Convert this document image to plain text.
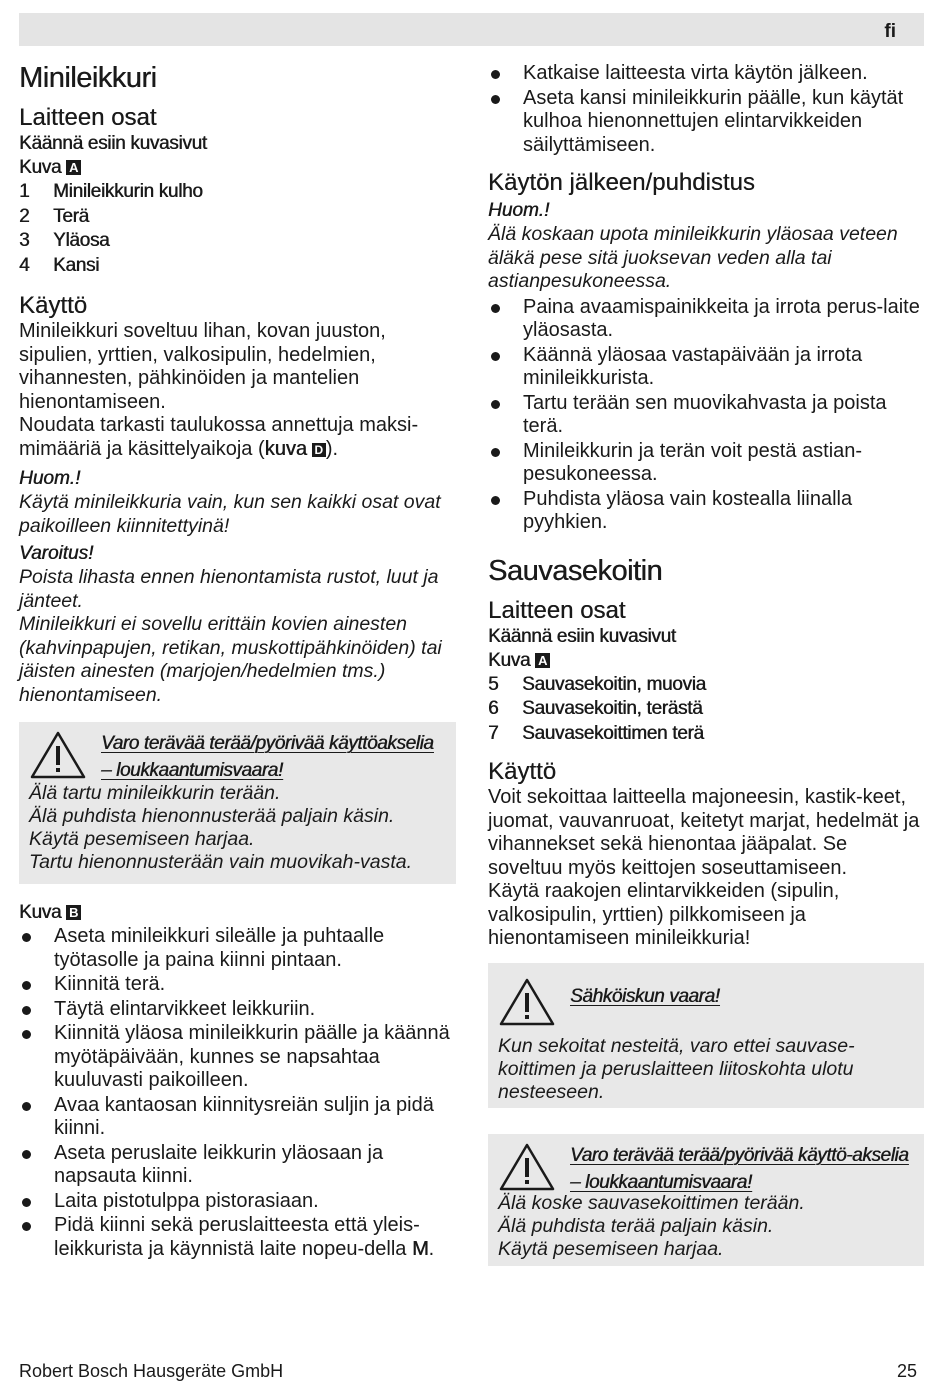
fi
Minileikkuri
Laitteen osat
Käännä esiin kuvasivut
Kuva A
1	Minileikkurin kulho
2	Terä
3	Yläosa
4	Kansi
Käyttö
Minileikkuri soveltuu lihan, kovan juuston, sipulien, yrttien, valkosipulin, hedelmien, vihannesten, pähkinöiden ja mantelien hienontamiseen.
Noudata tarkasti taulukossa annettuja maksi-mimääriä ja käsittelyaikoja (kuva D ).
Huom.!
Käytä minileikkuria vain, kun sen kaikki osat ovat paikoilleen kiinnitettyinä!
Varoitus!
Poista lihasta ennen hienontamista rustot, luut ja jänteet.
Minileikkuri ei sovellu erittäin kovien ainesten (kahvinpapujen, retikan, muskottipähkinöiden) tai jäisten ainesten (marjojen/hedelmien tms.) hienontamiseen.
Varo terävää terää/pyörivää käyttöakselia – loukkaantumisvaara!
Älä tartu minileikkurin terään.
Älä puhdista hienonnusterää paljain käsin. Käytä pesemiseen harjaa.
Tartu hienonnusterään vain muovikah-vasta.
Kuva B
Aseta minileikkuri sileälle ja puhtaalle työtasolle ja paina kiinni pintaan.
Kiinnitä terä.
Täytä elintarvikkeet leikkuriin.
Kiinnitä yläosa minileikkurin päälle ja käännä myötäpäivään, kunnes se napsahtaa kuuluvasti paikoilleen.
Avaa kantaosan kiinnitysreiän suljin ja pidä kiinni.
Aseta peruslaite leikkurin yläosaan ja napsauta kiinni.
Laita pistotulppa pistorasiaan.
Pidä kiinni sekä peruslaitteesta että yleis-leikkurista ja käynnistä laite nopeu-della M.
Katkaise laitteesta virta käytön jälkeen.
Aseta kansi minileikkurin päälle, kun käytät kulhoa hienonnettujen elintarvikkeiden säilyttämiseen.
Käytön jälkeen/puhdistus
Huom.!
Älä koskaan upota minileikkurin yläosaa veteen äläkä pese sitä juoksevan veden alla tai astianpesukoneessa.
Paina avaamispainikkeita ja irrota perus-laite yläosasta.
Käännä yläosaa vastapäivään ja irrota minileikkurista.
Tartu terään sen muovikahvasta ja poista terä.
Minileikkurin ja terän voit pestä astian-pesukoneessa.
Puhdista yläosa vain kostealla liinalla pyyhkien.
Sauvasekoitin
Laitteen osat
Käännä esiin kuvasivut
Kuva A
5	Sauvasekoitin, muovia
6	Sauvasekoitin, terästä
7	Sauvasekoittimen terä
Käyttö
Voit sekoittaa laitteella majoneesin, kastik-keet, juomat, vauvanruoat, keitetyt marjat, hedelmät ja vihannekset sekä hienontaa jääpalat. Se soveltuu myös keittojen soseuttamiseen.
Käytä raakojen elintarvikkeiden (sipulin, valkosipulin, yrttien) pilkkomiseen ja hienontamiseen minileikkuria!
Sähköiskun vaara!
Kun sekoitat nesteitä, varo ettei sauvase-koittimen ja peruslaitteen liitoskohta ulotu nesteeseen.
Varo terävää terää/pyörivää käyttö-akselia – loukkaantumisvaara!
Älä koske sauvasekoittimen terään.
Älä puhdista terää paljain käsin.
Käytä pesemiseen harjaa.
Robert Bosch Hausgeräte GmbH	25
